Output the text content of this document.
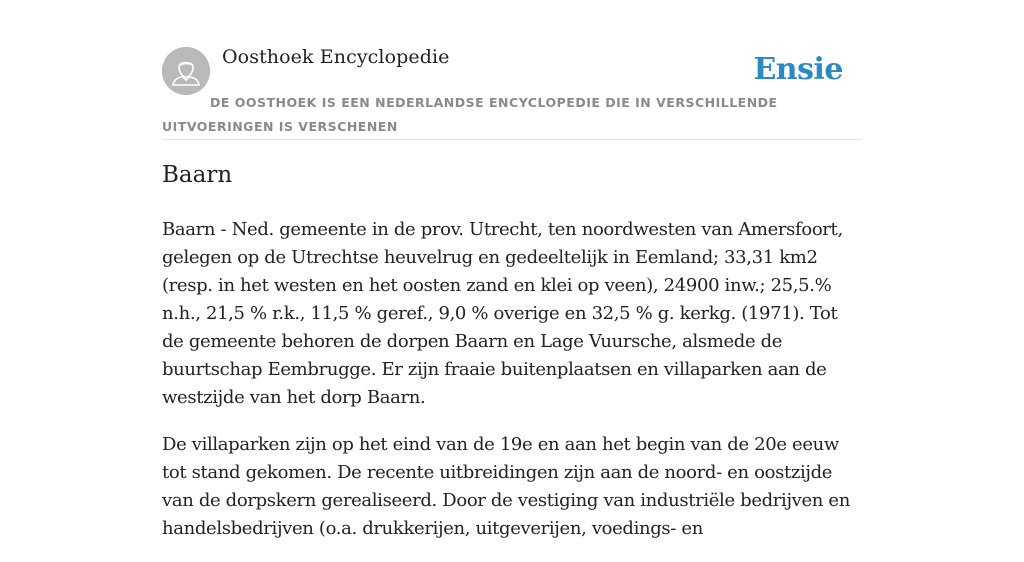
Oosthoek Encyclopedie	Ensie
DE OOSTHOEK IS EEN NEDERLANDSE ENCYCLOPEDIE DIE IN VERSCHILLENDE UITVOERINGEN IS VERSCHENEN
Baarn

Baarn - Ned. gemeente in de prov. Utrecht, ten noordwesten van Amersfoort, gelegen op de Utrechtse heuvelrug en gedeeltelijk in Eemland; 33,31 km2 (resp. in het westen en het oosten zand en klei op veen), 24900 inw.; 25,5.% n.h., 21,5 % r.k., 11,5 % geref., 9,0 % overige en 32,5 % g. kerkg. (1971). Tot de gemeente behoren de dorpen Baarn en Lage Vuursche, alsmede de buurtschap Eembrugge. Er zijn fraaie buitenplaatsen en villaparken aan de westzijde van het dorp Baarn.

De villaparken zijn op het eind van de 19e en aan het begin van de 20e eeuw tot stand gekomen. De recente uitbreidingen zijn aan de noord- en oostzijde van de dorpskern gerealiseerd. Door de vestiging van industriële bedrijven en handelsbedrijven (o.a. drukkerijen, uitgeverijen, voedings- en
